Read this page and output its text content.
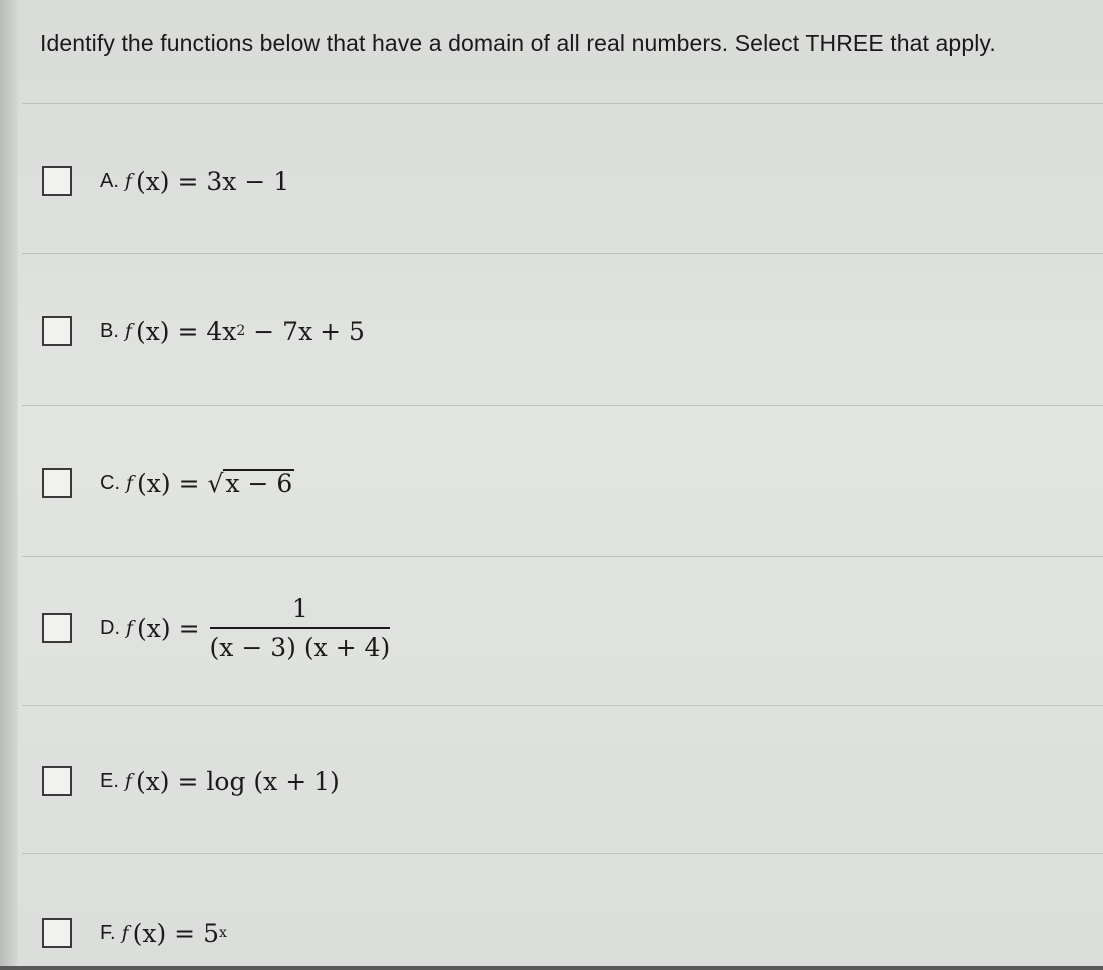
Identify the functions below that have a domain of all real numbers. Select THREE that apply.
A. f (x) =
3x − 1
B. f (x) =
4x 2 − 7x + 5
C. f (x) =
√ x − 6
D. f $(x) = \frac{1}{(x - 3) (x + 4)}$
E. f (x) =
log (x + 1)
F. f (x) =
5 x
